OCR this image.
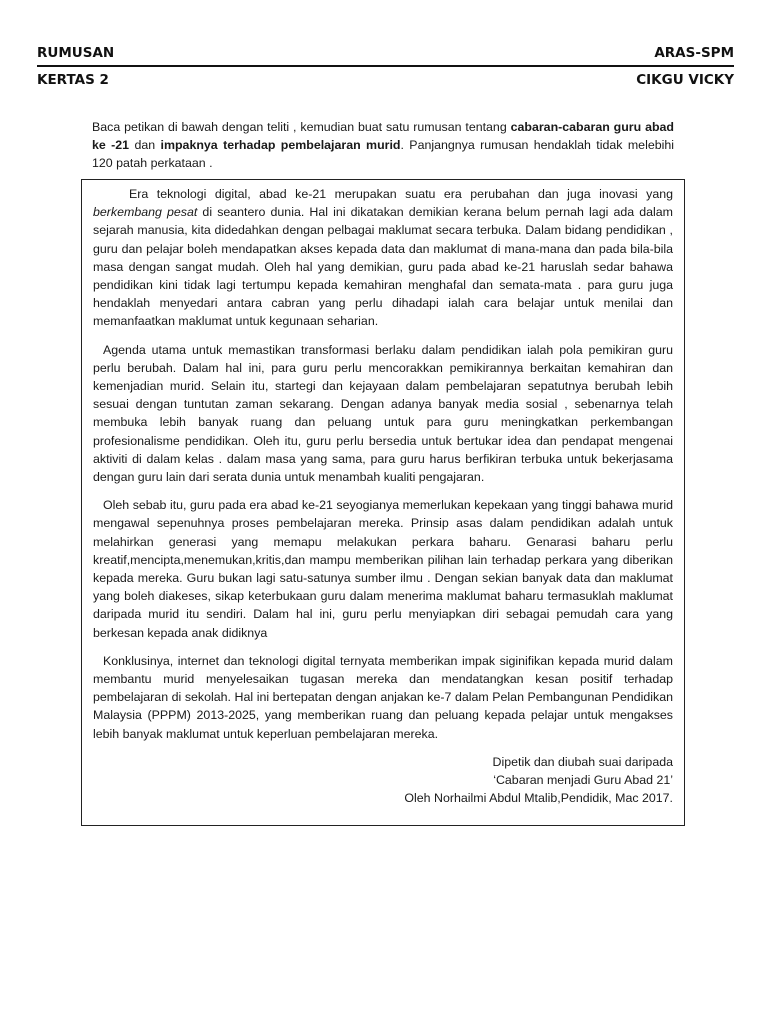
RUMUSAN	ARAS-SPM
KERTAS 2	CIKGU VICKY
Baca petikan di bawah dengan teliti , kemudian buat satu rumusan tentang cabaran-cabaran guru abad ke -21 dan impaknya terhadap pembelajaran murid. Panjangnya rumusan hendaklah tidak melebihi 120 patah perkataan .

Era teknologi digital, abad ke-21 merupakan suatu era perubahan dan juga inovasi yang berkembang pesat di seantero dunia. Hal ini dikatakan demikian kerana belum pernah lagi ada dalam sejarah manusia, kita didedahkan dengan pelbagai maklumat secara terbuka. Dalam bidang pendidikan , guru dan pelajar boleh mendapatkan akses kepada data dan maklumat di mana-mana dan pada bila-bila masa dengan sangat mudah. Oleh hal yang demikian, guru pada abad ke-21 haruslah sedar bahawa pendidikan kini tidak lagi tertumpu kepada kemahiran menghafal dan semata-mata . para guru juga hendaklah menyedari antara cabran yang perlu dihadapi ialah cara belajar untuk menilai dan memanfaatkan maklumat untuk kegunaan seharian.

Agenda utama untuk memastikan transformasi berlaku dalam pendidikan ialah pola pemikiran guru perlu berubah. Dalam hal ini, para guru perlu mencorakkan pemikirannya berkaitan kemahiran dan kemenjadian murid. Selain itu, startegi dan kejayaan dalam pembelajaran sepatutnya berubah lebih sesuai dengan tuntutan zaman sekarang. Dengan adanya banyak media sosial , sebenarnya telah membuka lebih banyak ruang dan peluang untuk para guru meningkatkan perkembangan profesionalisme pendidikan. Oleh itu, guru perlu bersedia untuk bertukar idea dan pendapat mengenai aktiviti di dalam kelas . dalam masa yang sama, para guru harus berfikiran terbuka untuk bekerjasama dengan guru lain dari serata dunia untuk menambah kualiti pengajaran.

Oleh sebab itu, guru pada era abad ke-21 seyogianya memerlukan kepekaan yang tinggi bahawa murid mengawal sepenuhnya proses pembelajaran mereka. Prinsip asas dalam pendidikan adalah untuk melahirkan generasi yang memapu melakukan perkara baharu. Genarasi baharu perlu kreatif,mencipta,menemukan,kritis,dan mampu memberikan pilihan lain terhadap perkara yang diberikan kepada mereka. Guru bukan lagi satu-satunya sumber ilmu . Dengan sekian banyak data dan maklumat yang boleh diakeses, sikap keterbukaan guru dalam menerima maklumat baharu termasuklah maklumat daripada murid itu sendiri. Dalam hal ini, guru perlu menyiapkan diri sebagai pemudah cara yang berkesan kepada anak didiknya

Konklusinya, internet dan teknologi digital ternyata memberikan impak siginifikan kepada murid dalam membantu murid menyelesaikan tugasan mereka dan mendatangkan kesan positif terhadap pembelajaran di sekolah. Hal ini bertepatan dengan anjakan ke-7 dalam Pelan Pembangunan Pendidikan Malaysia (PPPM) 2013-2025, yang memberikan ruang dan peluang kepada pelajar untuk mengakses lebih banyak maklumat untuk keperluan pembelajaran mereka.

Dipetik dan diubah suai daripada
‘Cabaran menjadi Guru Abad 21’
Oleh Norhailmi Abdul Mtalib,Pendidik, Mac 2017.
